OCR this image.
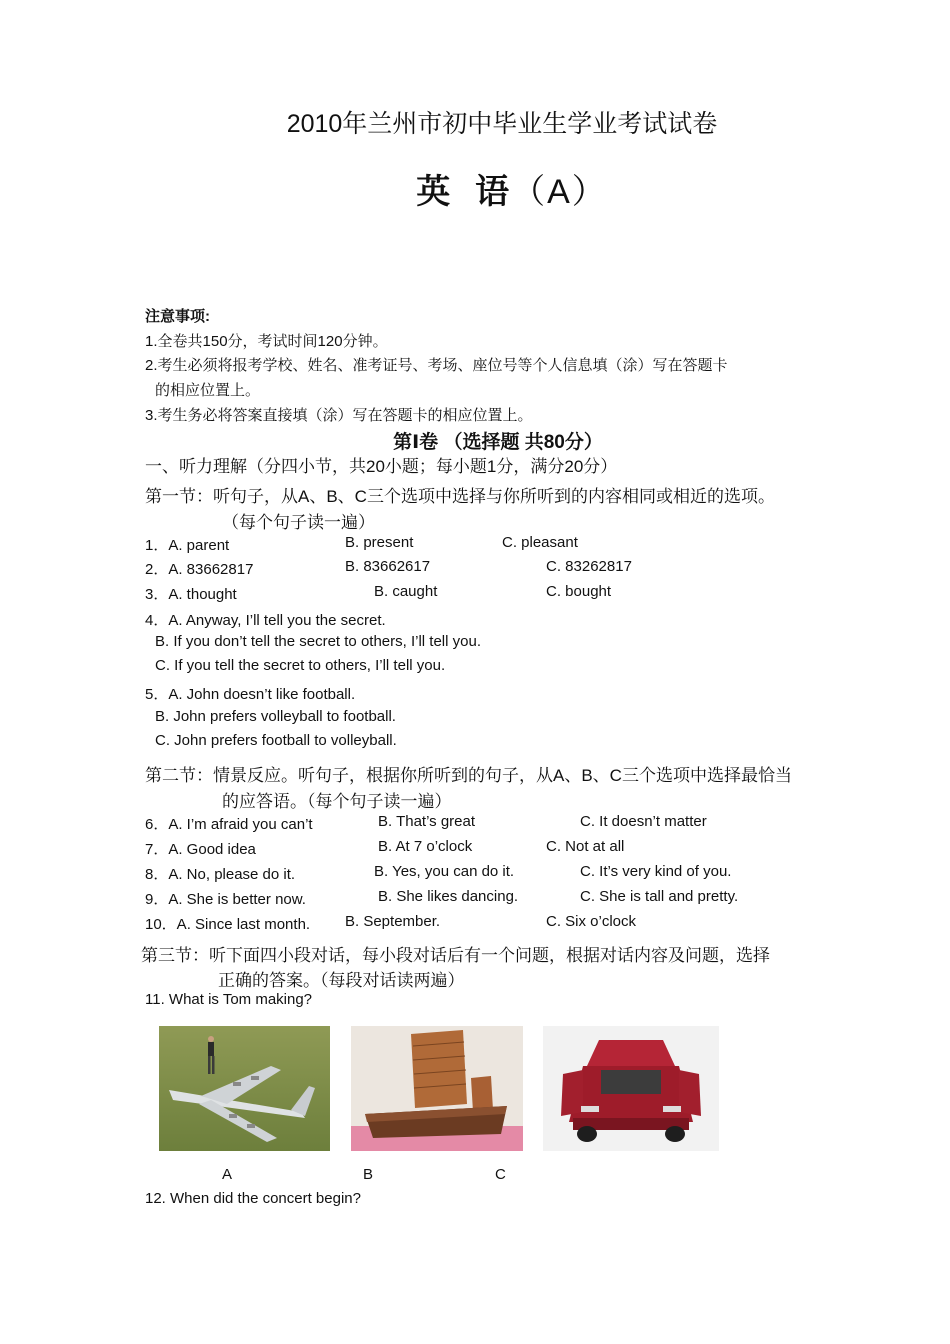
2010年兰州市初中毕业生学业考试试卷
英  语（A）
注意事项:
1.全卷共150分，考试时间120分钟。
2.考生必须将报考学校、姓名、准考证号、考场、座位号等个人信息填（涂）写在答题卡
的相应位置上。
3.考生务必将答案直接填（涂）写在答题卡的相应位置上。
第Ⅰ卷 （选择题 共80分）
一、听力理解（分四小节，共20小题；每小题1分，满分20分）
第一节：听句子，从A、B、C三个选项中选择与你所听到的内容相同或相近的选项。
（每个句子读一遍）
1．A. parent	B. present	C. pleasant
2．A. 83662817	B. 83662617	C. 83262817
3．A. thought	B. caught	C. bought
4．A. Anyway, I’ll tell you the secret.
B. If you don’t tell the secret to others, I’ll tell you.
C. If you tell the secret to others, I’ll tell you.
5．A. John doesn’t like football.
B. John prefers volleyball to football.
C. John prefers football to volleyball.
第二节：情景反应。听句子，根据你所听到的句子，从A、B、C三个选项中选择最恰当
的应答语。（每个句子读一遍）
6．A. I’m afraid you can’t	B. That’s great	C. It doesn’t matter
7．A. Good idea	B. At 7 o’clock	C. Not at all
8．A. No, please do it.	B. Yes, you can do it.	C. It’s very kind of you.
9．A. She is better now.	B. She likes dancing.	C. She is tall and pretty.
10．A. Since last month. B. September.	C. Six o’clock
第三节：听下面四小段对话，每小段对话后有一个问题，根据对话内容及问题，选择
正确的答案。（每段对话读两遍）
11. What is Tom making?
A	B	C
12. When did the concert begin?
